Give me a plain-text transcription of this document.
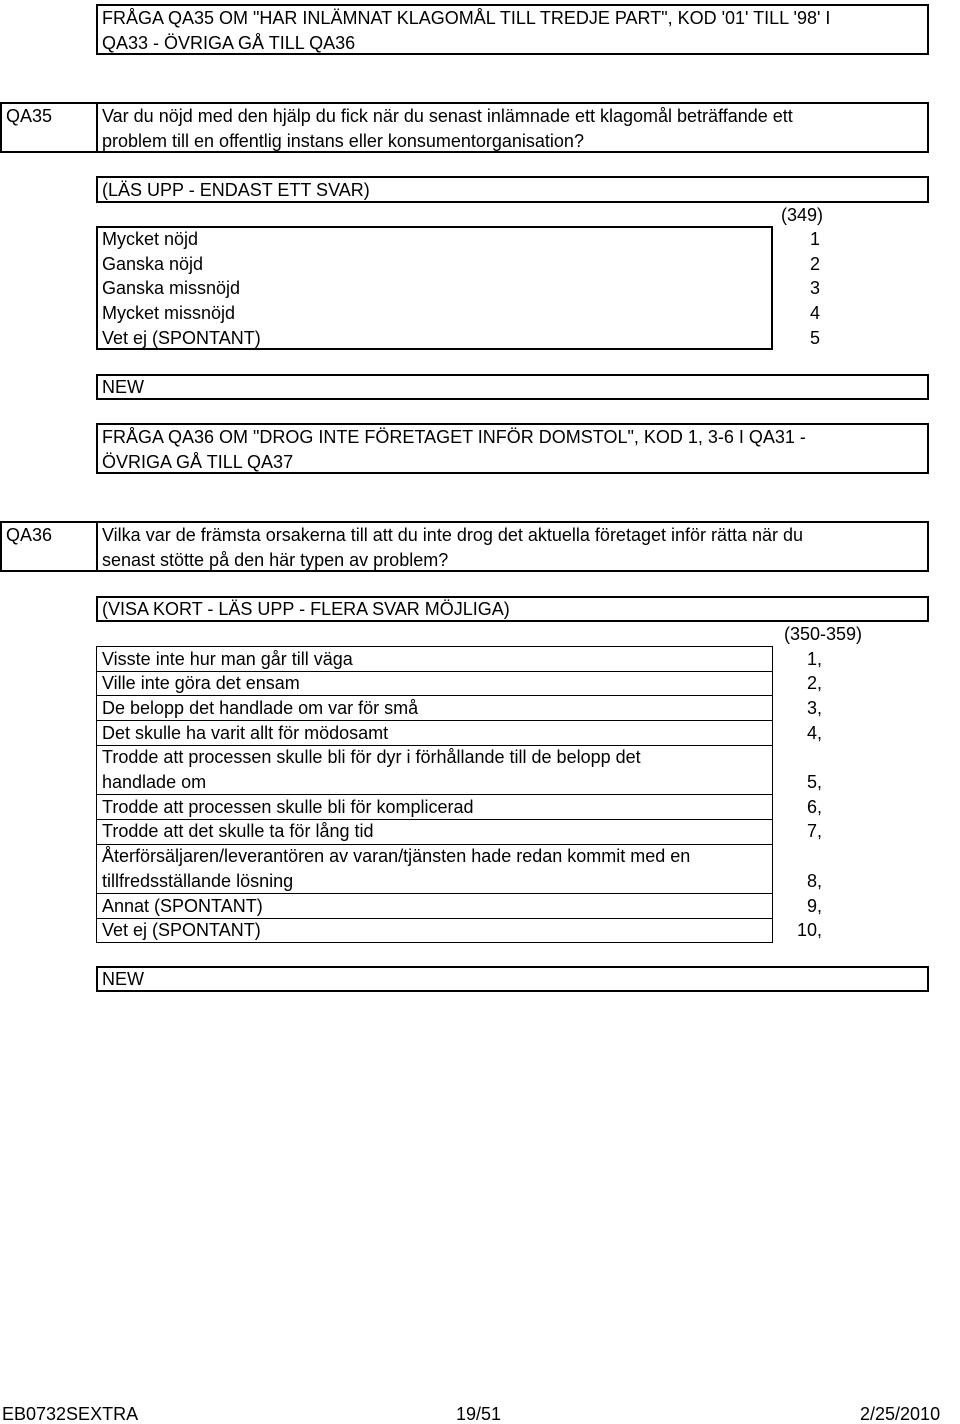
FRÅGA QA35 OM "HAR INLÄMNAT KLAGOMÅL TILL TREDJE PART", KOD '01' TILL '98' I
QA33 - ÖVRIGA GÅ TILL QA36
QA35	Var du nöjd med den hjälp du fick när du senast inlämnade ett klagomål beträffande ett
problem till en offentlig instans eller konsumentorganisation?
(LÄS UPP - ENDAST ETT SVAR)
(349)
Mycket nöjd	1
Ganska nöjd	2
Ganska missnöjd	3
Mycket missnöjd	4
Vet ej (SPONTANT)	5
NEW
FRÅGA QA36 OM "DROG INTE FÖRETAGET INFÖR DOMSTOL", KOD 1, 3-6 I QA31 -
ÖVRIGA GÅ TILL QA37
QA36	Vilka var de främsta orsakerna till att du inte drog det aktuella företaget inför rätta när du
senast stötte på den här typen av problem?
(VISA KORT - LÄS UPP - FLERA SVAR MÖJLIGA)
(350-359)
Visste inte hur man går till väga	1,
Ville inte göra det ensam	2,
De belopp det handlade om var för små	3,
Det skulle ha varit allt för mödosamt	4,
Trodde att processen skulle bli för dyr i förhållande till de belopp det
handlade om	5,
Trodde att processen skulle bli för komplicerad	6,
Trodde att det skulle ta för lång tid	7,
Återförsäljaren/leverantören av varan/tjänsten hade redan kommit med en
tillfredsställande lösning	8,
Annat (SPONTANT)	9,
Vet ej (SPONTANT)	10,
NEW
EB0732SEXTRA	19/51	2/25/2010
